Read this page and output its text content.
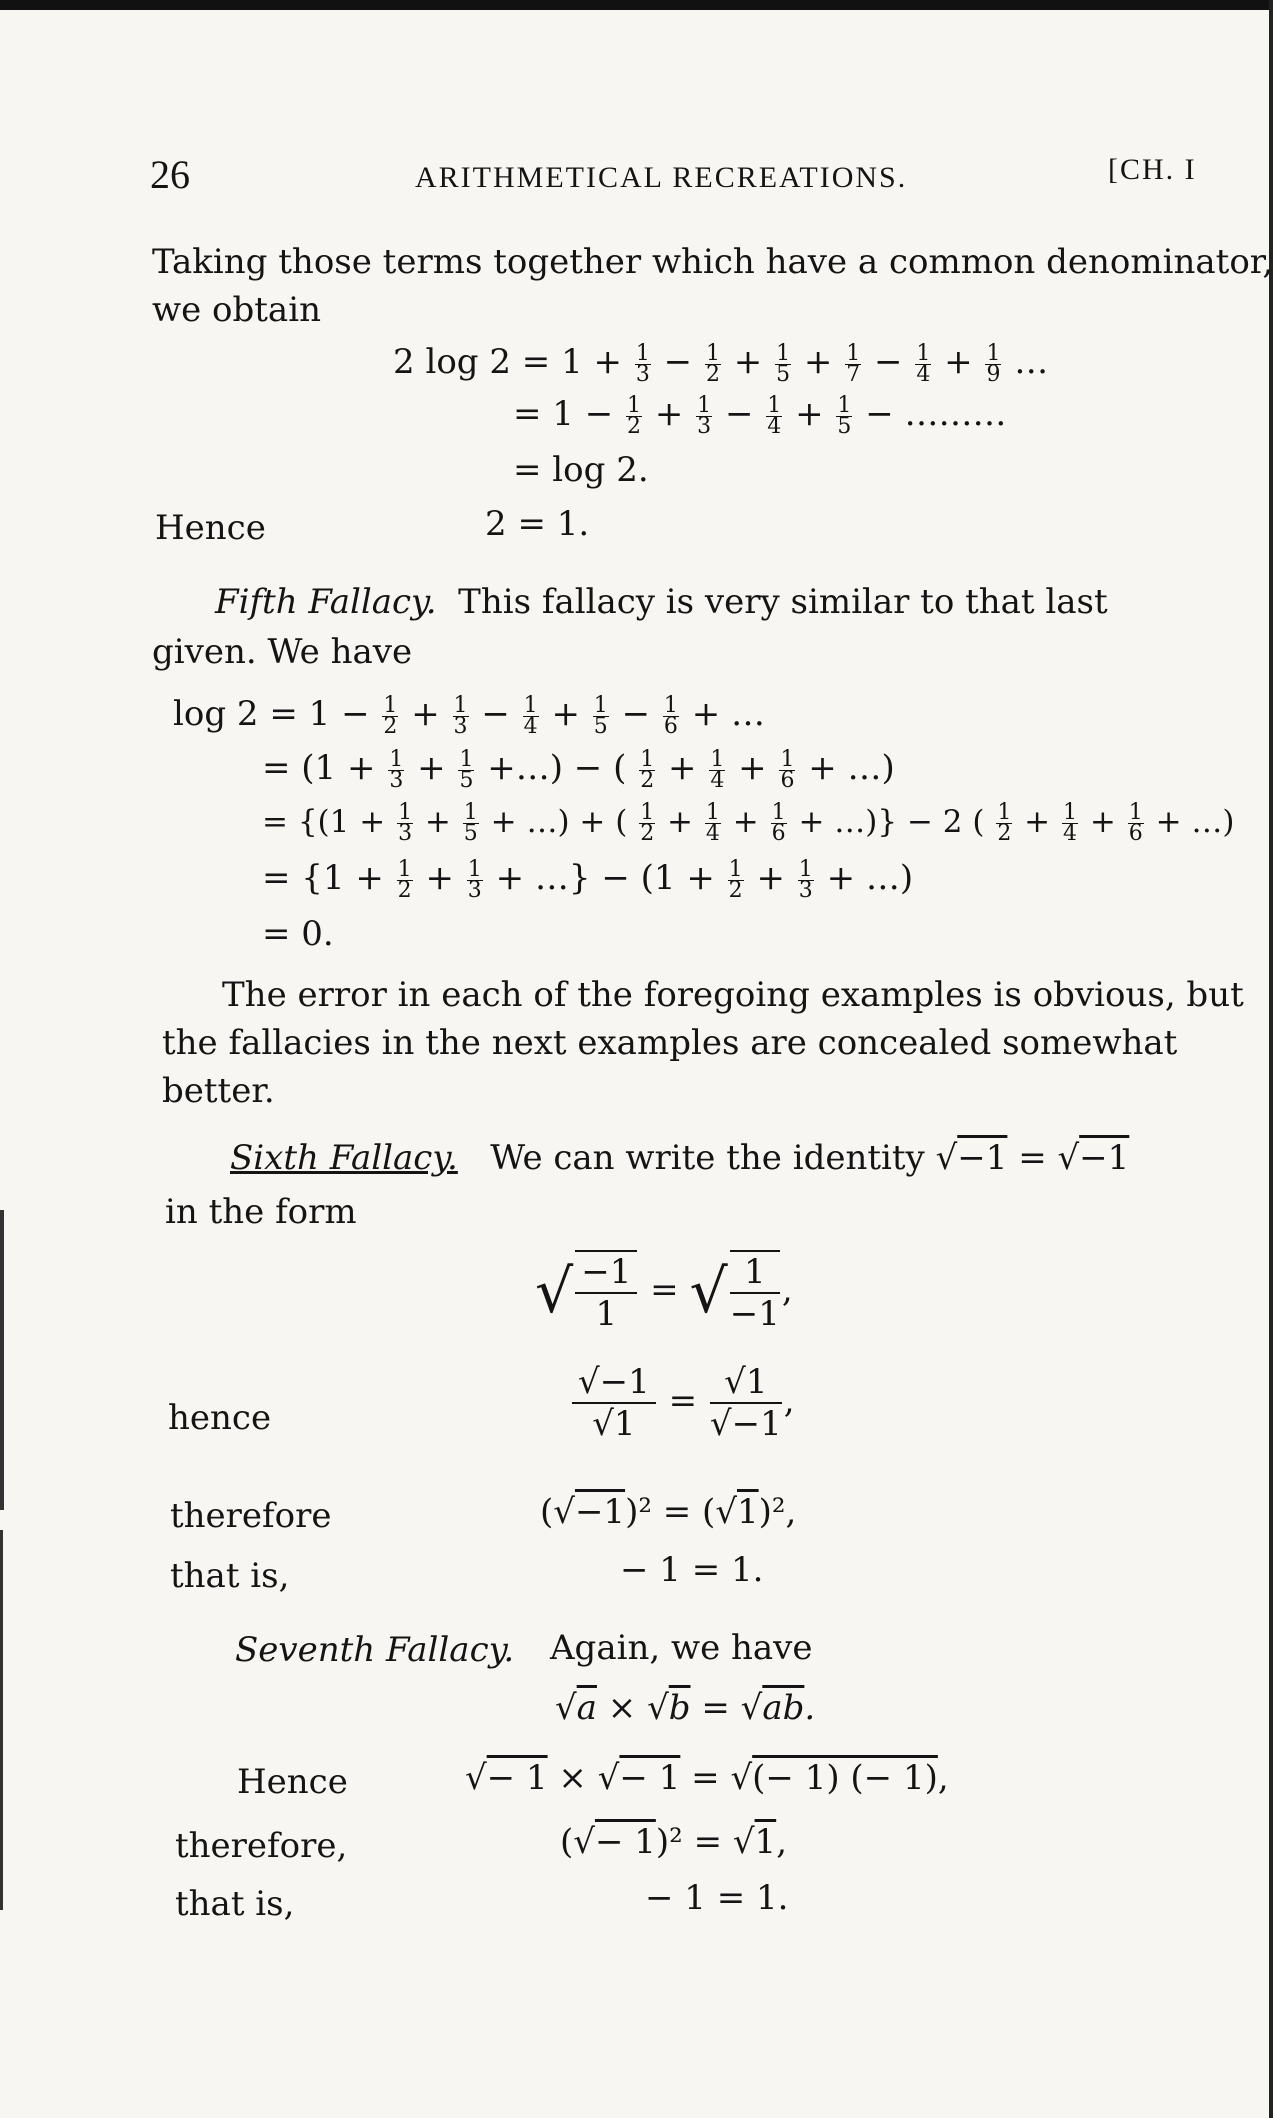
26	ARITHMETICAL RECREATIONS.	[CH. I
Taking those terms together which have a common denominator,
we obtain
2 $\log 2 = 1 + \frac{1}{3} - \frac{1}{2} + \frac{1}{5} + \frac{1}{7} - \frac{1}{4} + \frac{1}{9}$ …
= $1 - \frac{1}{2} + \frac{1}{3} - \frac{1}{4} + \frac{1}{5}$ − ………
= log 2.
Hence	2 = 1.
Fifth Fallacy. This fallacy is very similar to that last
given. We have
$\log 2 = 1 - \frac{1}{2} + \frac{1}{3} - \frac{1}{4} + \frac{1}{5} - \frac{1}{6}$ + …
= ($1 + \frac{1}{3} + \frac{1}{5}$ +…) − ( $\frac{1}{2} + \frac{1}{4} + \frac{1}{6}$ + …)
= {($1 + \frac{1}{3} + \frac{1}{5}$ + …) + ( $\frac{1}{2} + \frac{1}{4} + \frac{1}{6}$ + …)} − 2 ( $\frac{1}{2} + \frac{1}{4} + \frac{1}{6}$ + …)
= {$1 + \frac{1}{2} + \frac{1}{3}$ + …} − ($1 + \frac{1}{2} + \frac{1}{3}$ + …)
= 0.
The error in each of the foregoing examples is obvious, but
the fallacies in the next examples are concealed somewhat
better.
Sixth Fallacy. We can write the identity √−1 = √−1
in the form
√ $\frac{-1}{1}$ = √ $\frac{1}{-1}$ ,
hence	$\frac{√-1}{√1} = \frac{√1}{√-1}$ ,
therefore	(√−1)² = (√1)²,
that is,	− 1 = 1.
Seventh Fallacy. Again, we have
√a × √b = √ab.
Hence	√− 1 × √− 1 = √(− 1) (− 1),
therefore,	(√− 1)² = √1,
that is,	− 1 = 1.
